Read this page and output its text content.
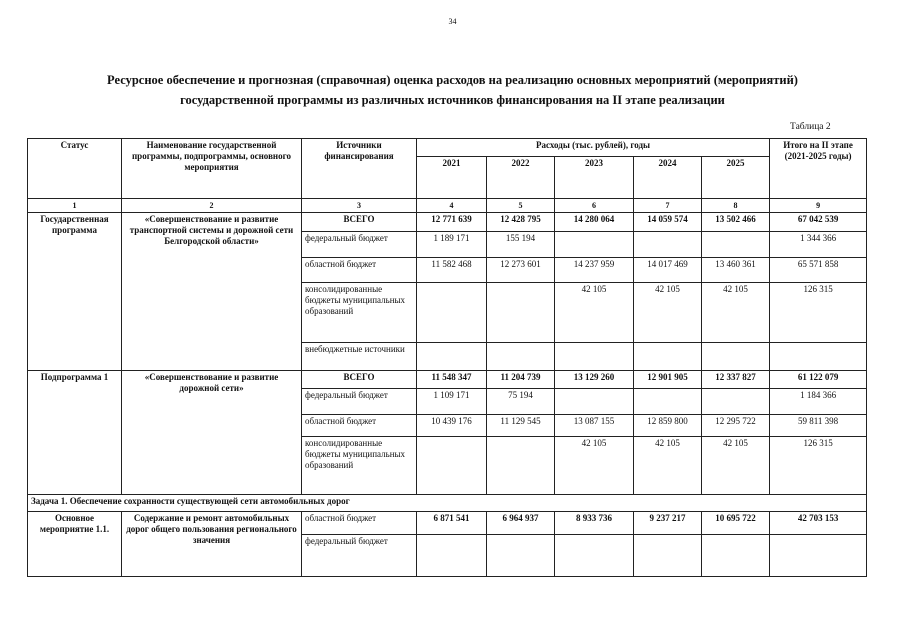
34
Ресурсное обеспечение и прогнозная (справочная) оценка расходов на реализацию основных мероприятий (мероприятий)
государственной программы из различных источников финансирования на II этапе реализации
Таблица 2
Статус	Наименование государственной программы, подпрограммы, основного мероприятия	Источники финансирования	Расходы (тыс. рублей), годы					Итого на II этапе (2021-2025 годы)
			2021	2022	2023	2024	2025	
1	2	3	4	5	6	7	8	9
Государственная программа	«Совершенствование и развитие транспортной системы и дорожной сети Белгородской области»	ВСЕГО	12 771 639	12 428 795	14 280 064	14 059 574	13 502 466	67 042 539
		федеральный бюджет	1 189 171	155 194				1 344 366
		областной бюджет	11 582 468	12 273 601	14 237 959	14 017 469	13 460 361	65 571 858
		консолидированные бюджеты муниципальных образований			42 105	42 105	42 105	126 315
		внебюджетные источники						
Подпрограмма 1	«Совершенствование и развитие дорожной сети»	ВСЕГО	11 548 347	11 204 739	13 129 260	12 901 905	12 337 827	61 122 079
		федеральный бюджет	1 109 171	75 194				1 184 366
		областной бюджет	10 439 176	11 129 545	13 087 155	12 859 800	12 295 722	59 811 398
		консолидированные бюджеты муниципальных образований			42 105	42 105	42 105	126 315
Задача 1. Обеспечение сохранности существующей сети автомобильных дорог								
Основное мероприятие 1.1.	Содержание и ремонт автомобильных дорог общего пользования регионального значения	областной бюджет	6 871 541	6 964 937	8 933 736	9 237 217	10 695 722	42 703 153
		федеральный бюджет						
